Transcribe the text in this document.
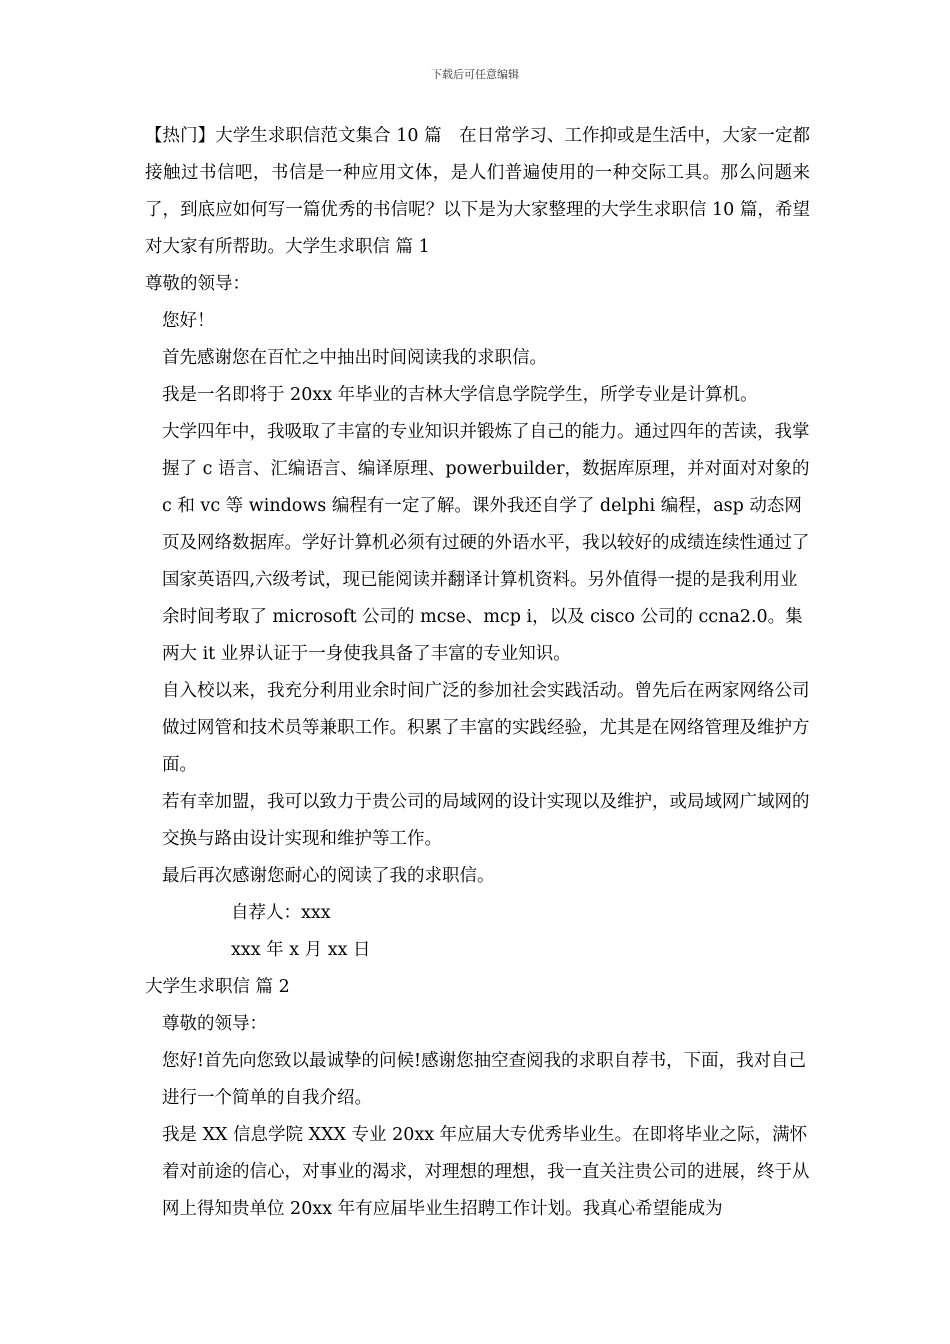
下载后可任意编辑

【热门】大学生求职信范文集合 10 篇　在日常学习、工作抑或是生活中，大家一定都接触过书信吧，书信是一种应用文体，是人们普遍使用的一种交际工具。那么问题来了，到底应如何写一篇优秀的书信呢？以下是为大家整理的大学生求职信 10 篇，希望对大家有所帮助。大学生求职信 篇 1

尊敬的领导：

您好！

首先感谢您在百忙之中抽出时间阅读我的求职信。

我是一名即将于 20xx 年毕业的吉林大学信息学院学生，所学专业是计算机。

大学四年中，我吸取了丰富的专业知识并锻炼了自己的能力。通过四年的苦读，我掌握了 c 语言、汇编语言、编译原理、powerbuilder，数据库原理，并对面对对象的 c 和 vc 等 windows 编程有一定了解。课外我还自学了 delphi 编程，asp 动态网页及网络数据库。学好计算机必须有过硬的外语水平，我以较好的成绩连续性通过了国家英语四,六级考试，现已能阅读并翻译计算机资料。另外值得一提的是我利用业余时间考取了 microsoft 公司的 mcse、mcp i，以及 cisco 公司的 ccna2.0。集两大 it 业界认证于一身使我具备了丰富的专业知识。

自入校以来，我充分利用业余时间广泛的参加社会实践活动。曾先后在两家网络公司做过网管和技术员等兼职工作。积累了丰富的实践经验，尤其是在网络管理及维护方面。

若有幸加盟，我可以致力于贵公司的局域网的设计实现以及维护，或局域网广域网的交换与路由设计实现和维护等工作。

最后再次感谢您耐心的阅读了我的求职信。

自荐人：xxx

xxx 年 x 月 xx 日

大学生求职信 篇 2

尊敬的领导：

您好!首先向您致以最诚挚的问候!感谢您抽空查阅我的求职自荐书，下面，我对自己进行一个简单的自我介绍。

我是 XX 信息学院 XXX 专业 20xx 年应届大专优秀毕业生。在即将毕业之际，满怀着对前途的信心，对事业的渴求，对理想的理想，我一直关注贵公司的进展，终于从网上得知贵单位 20xx 年有应届毕业生招聘工作计划。我真心希望能成为
